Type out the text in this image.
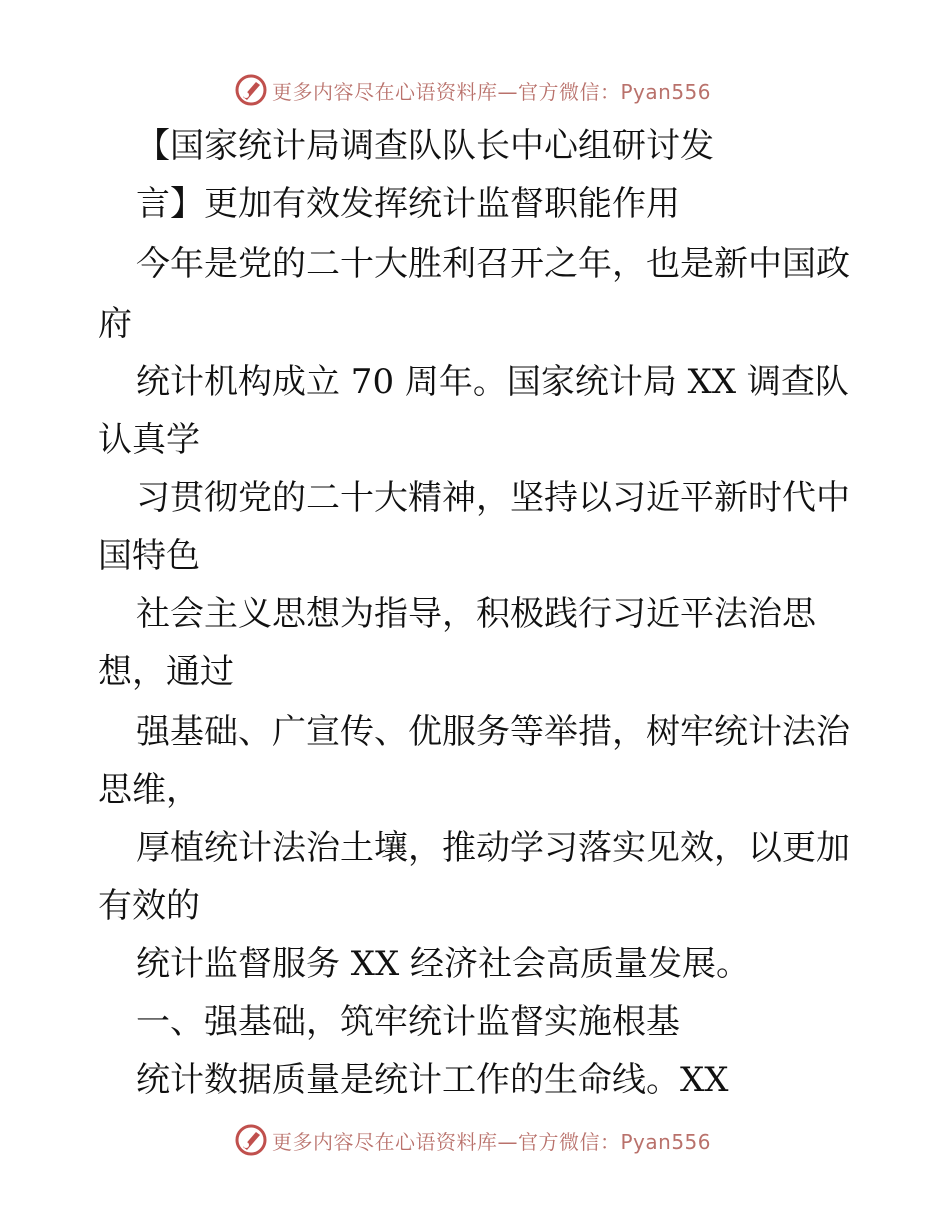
更多内容尽在心语资料库—官方微信：Pyan556
【国家统计局调查队队长中心组研讨发
言】更加有效发挥统计监督职能作用
今年是党的二十大胜利召开之年，也是新中国政
府
统计机构成立 70 周年。国家统计局 XX 调查队
认真学
习贯彻党的二十大精神，坚持以习近平新时代中
国特色
社会主义思想为指导，积极践行习近平法治思
想，通过
强基础、广宣传、优服务等举措，树牢统计法治
思维，
厚植统计法治土壤，推动学习落实见效，以更加
有效的
统计监督服务 XX 经济社会高质量发展。
一、强基础，筑牢统计监督实施根基
统计数据质量是统计工作的生命线。XX
更多内容尽在心语资料库—官方微信：Pyan556
